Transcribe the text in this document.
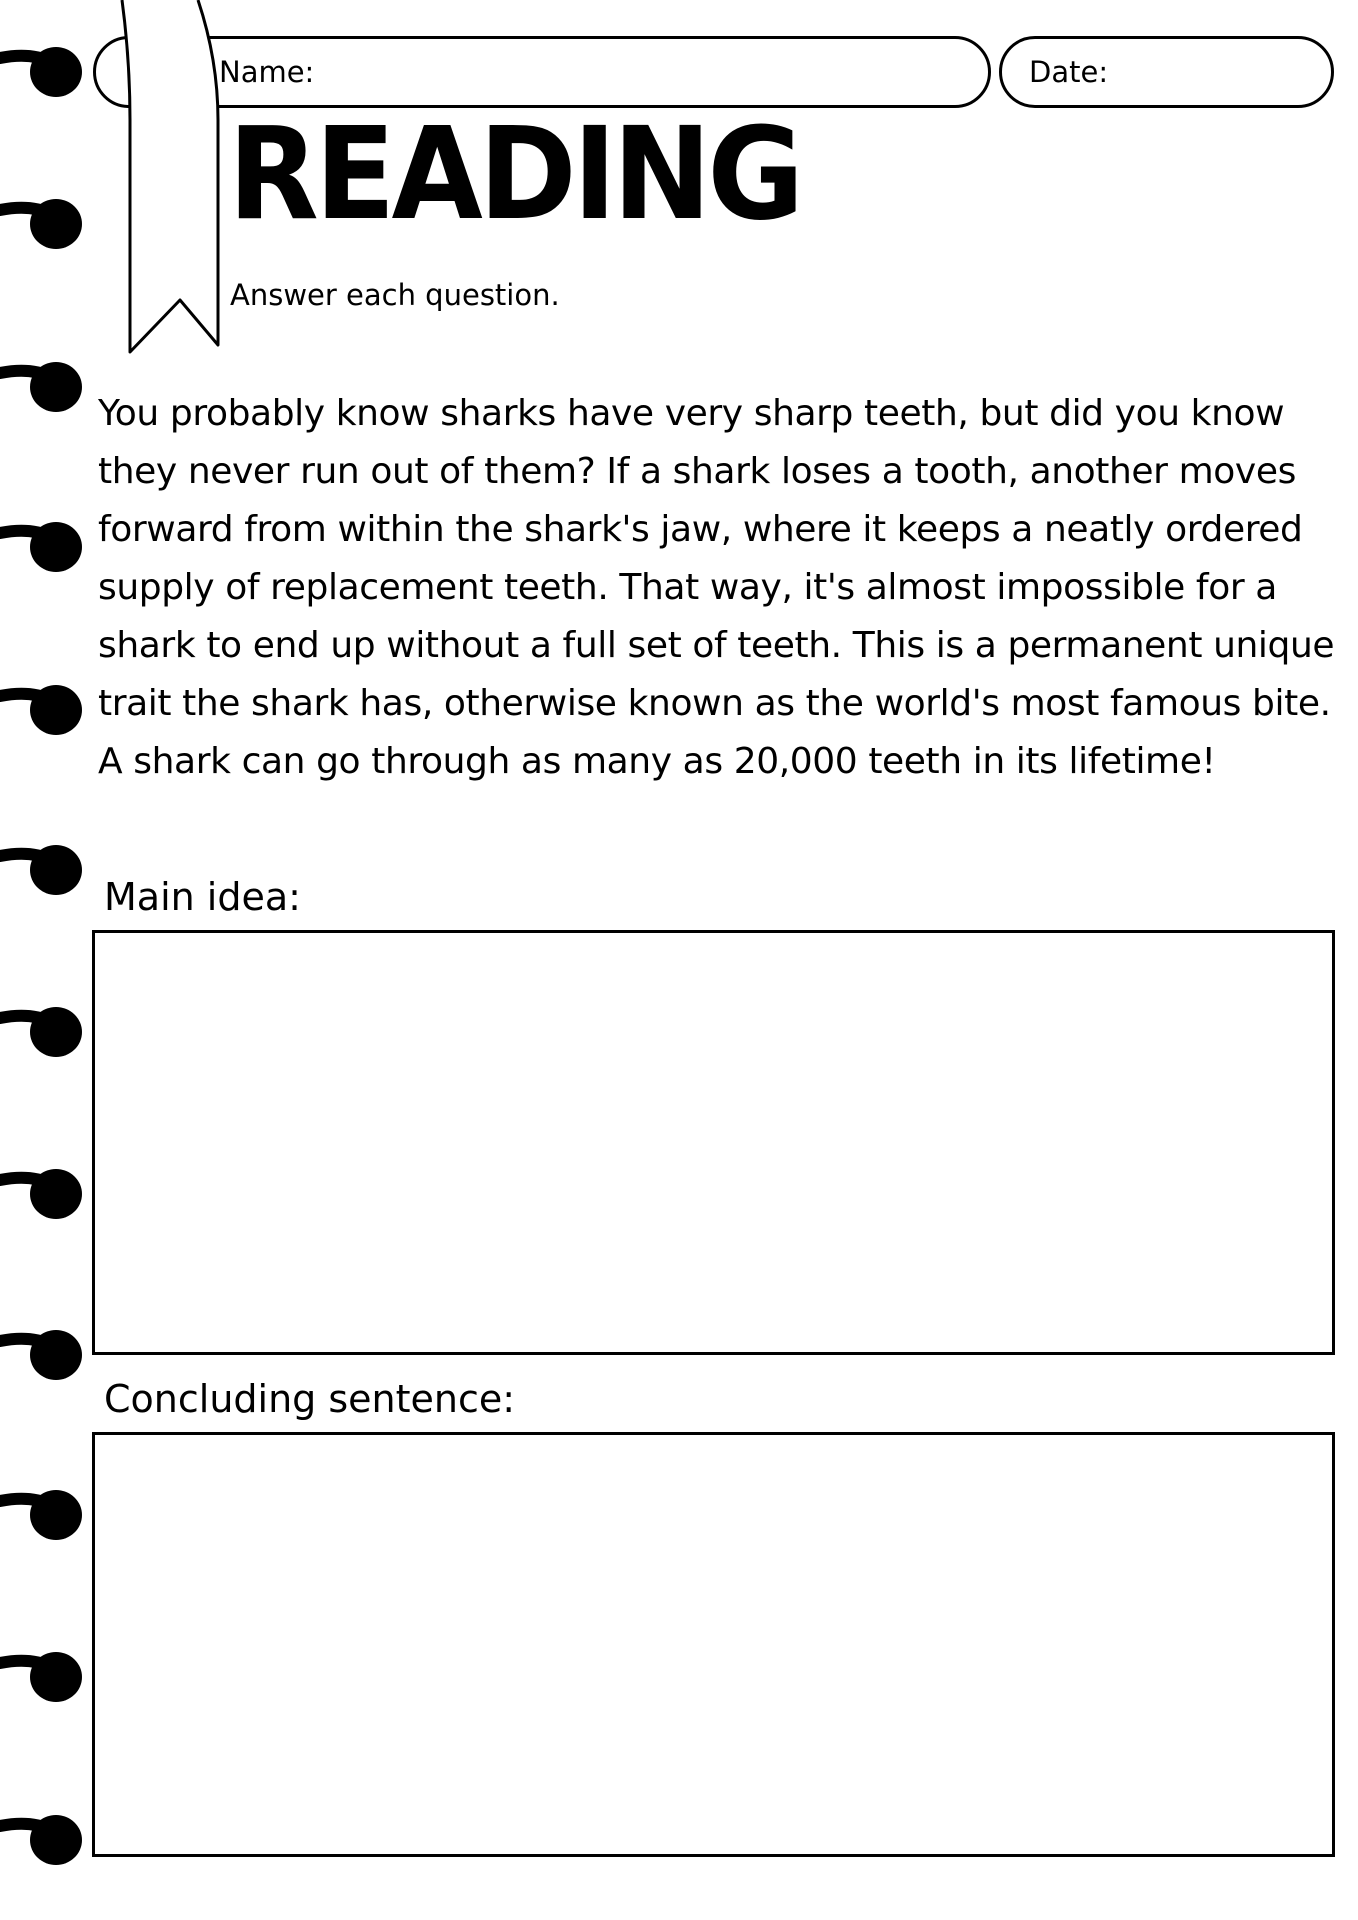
Name:	Date:
READING
Answer each question.

You probably know sharks have very sharp teeth, but did you know they never run out of them? If a shark loses a tooth, another moves forward from within the shark's jaw, where it keeps a neatly ordered supply of replacement teeth. That way, it's almost impossible for a shark to end up without a full set of teeth. This is a permanent unique trait the shark has, otherwise known as the world's most famous bite. A shark can go through as many as 20,000 teeth in its lifetime!

Main idea:
Concluding sentence:
